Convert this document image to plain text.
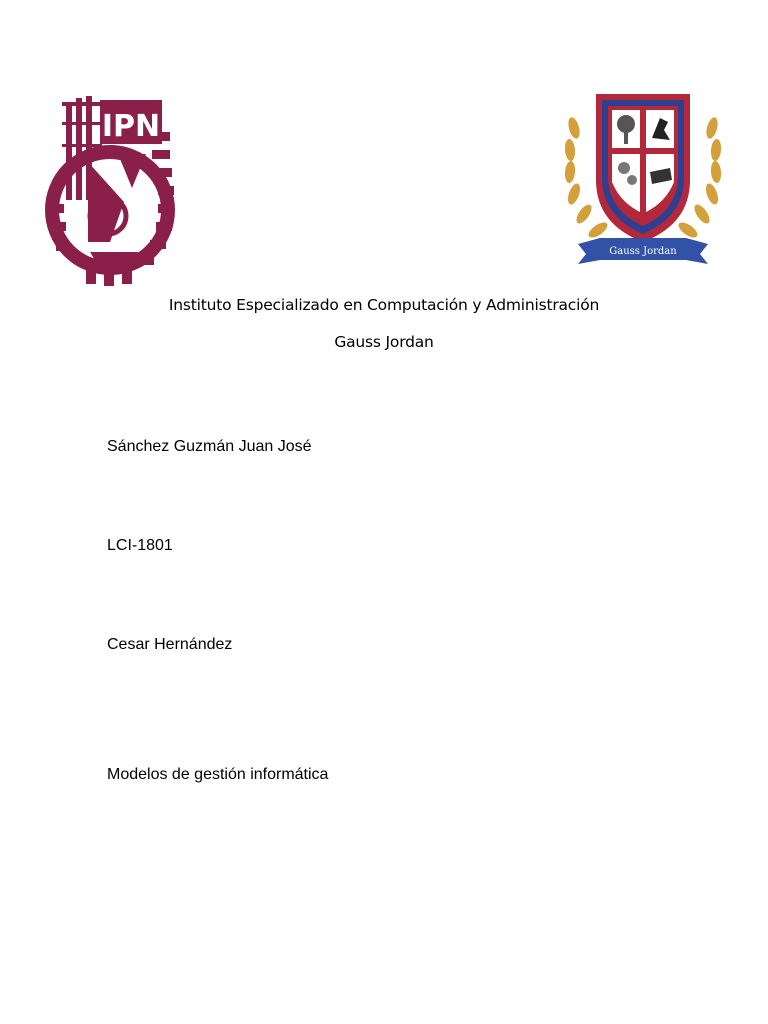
IPN
Gauss Jordan
Instituto Especializado en Computación y Administración
Gauss Jordan
Sánchez Guzmán Juan José
LCI-1801
Cesar Hernández
Modelos de gestión informática
